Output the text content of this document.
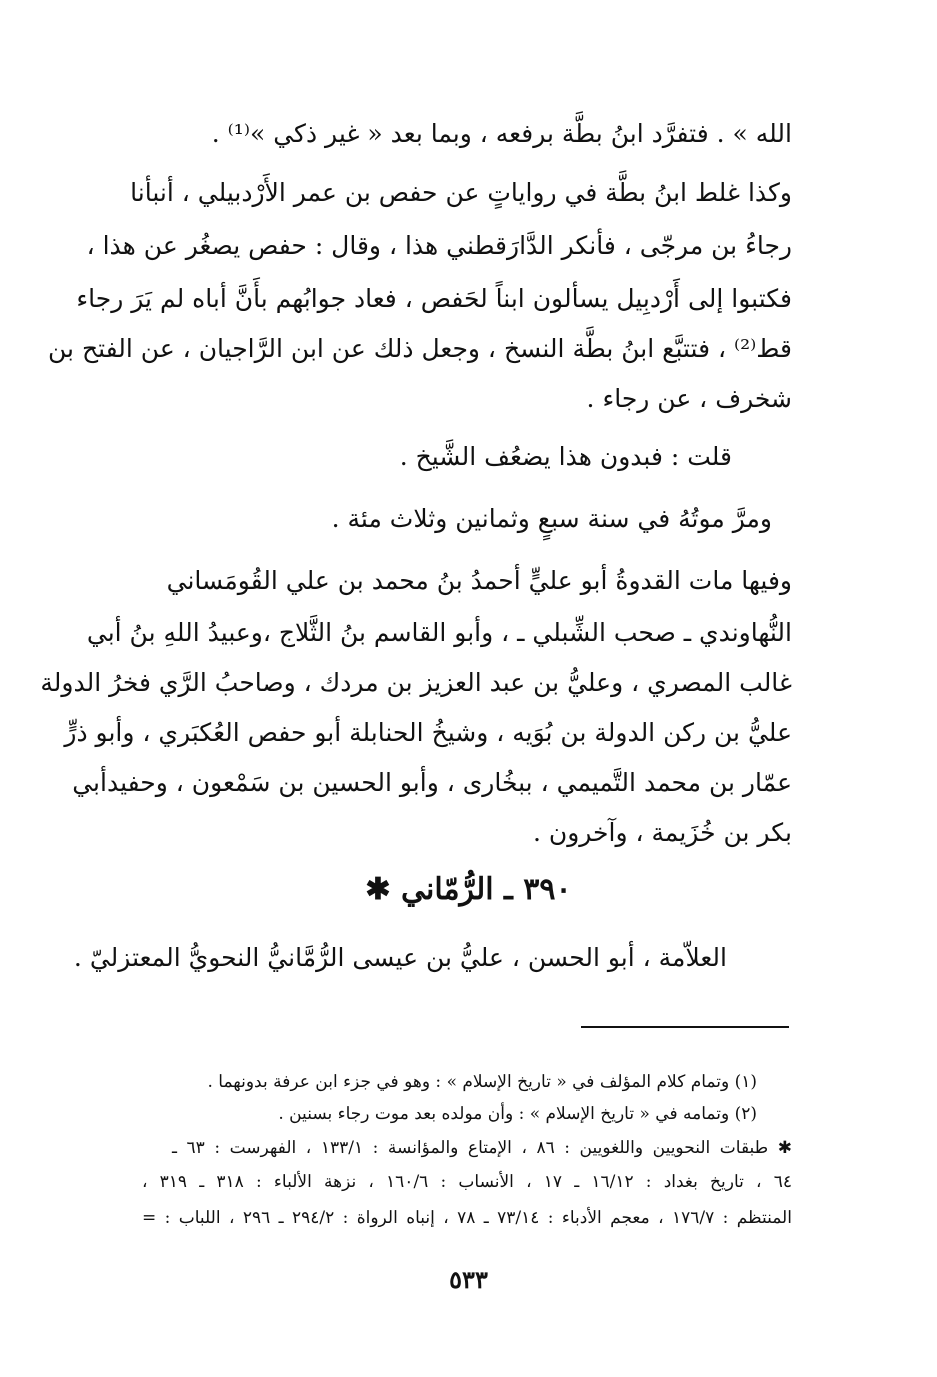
الله » . فتفرَّد ابنُ بطَّة برفعه ، وبما بعد « غير ذكي »⁽¹⁾ .
وكذا غلط ابنُ بطَّة في رواياتٍ عن حفص بن عمر الأَرْدبيلي ، أنبأنا
رجاءُ بن مرجّى ، فأنكر الدَّارَقطني هذا ، وقال : حفص يصغُر عن هذا ،
فكتبوا إلى أَرْدبِيل يسألون ابناً لحَفص ، فعاد جوابُهم بأَنَّ أباه لم يَرَ رجاء
قط⁽²⁾ ، فتتبَّع ابنُ بطَّة النسخ ، وجعل ذلك عن ابن الرَّاجيان ، عن الفتح بن
شخرف ، عن رجاء .
قلت : فبدون هذا يضعُف الشَّيخ .
ومرَّ موتُهُ في سنة سبعٍ وثمانين وثلاث مئة .
وفيها مات القدوةُ أبو عليٍّ أحمدُ بنُ محمد بن علي القُومَساني
النُّهاوندي ـ صحب الشِّبلي ـ ، وأبو القاسم بنُ الثَّلاج ،وعبيدُ اللهِ بنُ أبي
غالب المصري ، وعليُّ بن عبد العزيز بن مردك ، وصاحبُ الرَّي فخرُ الدولة
عليُّ بن ركن الدولة بن بُوَيه ، وشيخُ الحنابلة أبو حفص العُكبَري ، وأبو ذرٍّ
عمّار بن محمد التَّميمي ، ببخُارى ، وأبو الحسين بن سَمْعون ، وحفيدأبي
بكر بن خُزَيمة ، وآخرون .
٣٩٠ ـ الرُّمّاني ✱
العلاّمة ، أبو الحسن ، عليُّ بن عيسى الرُّمَّانيُّ النحويُّ المعتزليّ .
(١) وتمام كلام المؤلف في « تاريخ الإسلام » : وهو في جزء ابن عرفة بدونهما .
(٢) وتمامه في « تاريخ الإسلام » : وأن مولده بعد موت رجاء بسنين .
✱ طبقات النحويين واللغويين : ٨٦ ، الإمتاع والمؤانسة : ١٣٣/١ ، الفهرست : ٦٣ ـ
٦٤ ، تاريخ بغداد : ١٦/١٢ ـ ١٧ ، الأنساب : ١٦٠/٦ ، نزهة الألباء : ٣١٨ ـ ٣١٩ ،
المنتظم : ١٧٦/٧ ، معجم الأدباء : ٧٣/١٤ ـ ٧٨ ، إنباه الرواة : ٢٩٤/٢ ـ ٢٩٦ ، اللباب : =
٥٣٣
